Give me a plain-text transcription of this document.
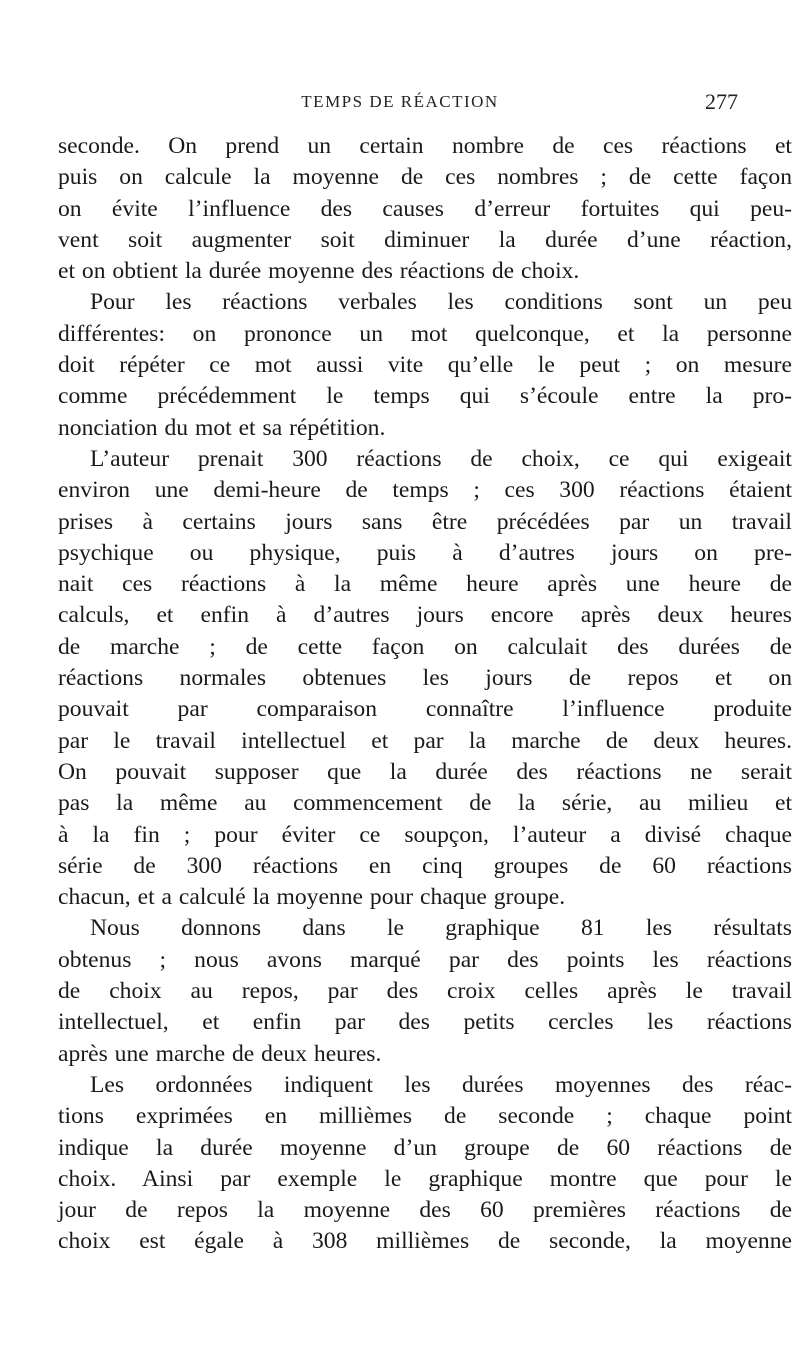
TEMPS DE RÉACTION	277
seconde. On prend un certain nombre de ces réactions et
puis on calcule la moyenne de ces nombres ; de cette façon
on évite l’influence des causes d’erreur fortuites qui peu-
vent soit augmenter soit diminuer la durée d’une réaction,
et on obtient la durée moyenne des réactions de choix.
Pour les réactions verbales les conditions sont un peu
différentes: on prononce un mot quelconque, et la personne
doit répéter ce mot aussi vite qu’elle le peut ; on mesure
comme précédemment le temps qui s’écoule entre la pro-
nonciation du mot et sa répétition.
L’auteur prenait 300 réactions de choix, ce qui exigeait
environ une demi-heure de temps ; ces 300 réactions étaient
prises à certains jours sans être précédées par un travail
psychique ou physique, puis à d’autres jours on pre-
nait ces réactions à la même heure après une heure de
calculs, et enfin à d’autres jours encore après deux heures
de marche ; de cette façon on calculait des durées de
réactions normales obtenues les jours de repos et on
pouvait par comparaison connaître l’influence produite
par le travail intellectuel et par la marche de deux heures.
On pouvait supposer que la durée des réactions ne serait
pas la même au commencement de la série, au milieu et
à la fin ; pour éviter ce soupçon, l’auteur a divisé chaque
série de 300 réactions en cinq groupes de 60 réactions
chacun, et a calculé la moyenne pour chaque groupe.
Nous donnons dans le graphique 81 les résultats
obtenus ; nous avons marqué par des points les réactions
de choix au repos, par des croix celles après le travail
intellectuel, et enfin par des petits cercles les réactions
après une marche de deux heures.
Les ordonnées indiquent les durées moyennes des réac-
tions exprimées en millièmes de seconde ; chaque point
indique la durée moyenne d’un groupe de 60 réactions de
choix. Ainsi par exemple le graphique montre que pour le
jour de repos la moyenne des 60 premières réactions de
choix est égale à 308 millièmes de seconde, la moyenne
